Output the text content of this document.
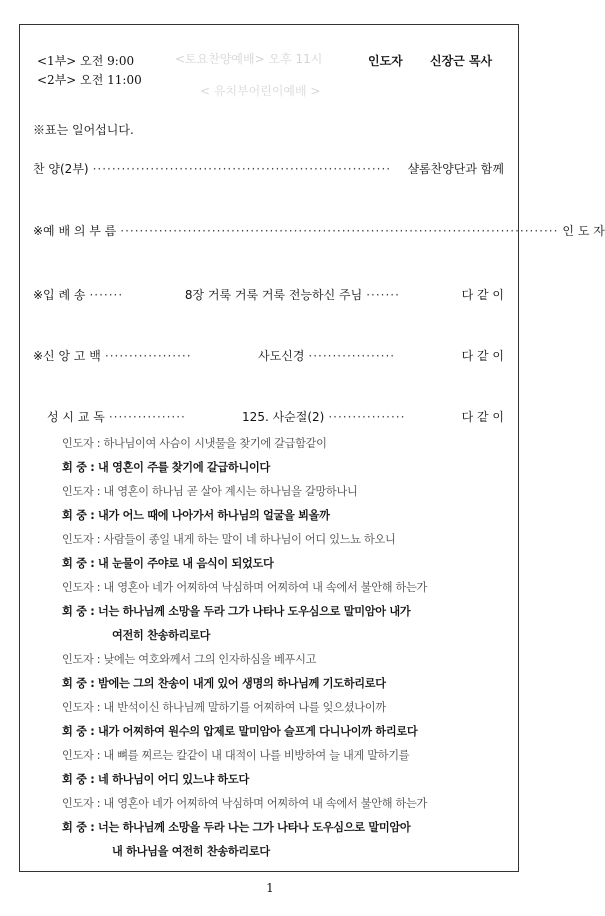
<토요찬양예배> 오후 11시
< 유치부어린이예배 >
<1부> 오전 9:00
<2부> 오전 11:00
인도자 신장근 목사
※표는 일어섭니다.
찬 양(2부) ······························································	샬롬찬양단과 함께
※예 배 의 부 름 ··························································································· 인 도 자
※입 례 송 ·······	8장 거룩 거룩 거룩 전능하신 주님 ·······	다 같 이
※신 앙 고 백 ··················	사도신경 ··················	다 같 이
성 시 교 독 ················	125. 사순절(2) ················	다 같 이
인도자 : 하나님이여 사슴이 시냇물을 찾기에 갈급함같이
회 중 : 내 영혼이 주를 찾기에 갈급하니이다
인도자 : 내 영혼이 하나님 곧 살아 계시는 하나님을 갈망하나니
회 중 : 내가 어느 때에 나아가서 하나님의 얼굴을 뵈올까
인도자 : 사람들이 종일 내게 하는 말이 네 하나님이 어디 있느뇨 하오니
회 중 : 내 눈물이 주야로 내 음식이 되었도다
인도자 : 내 영혼아 네가 어찌하여 낙심하며 어찌하여 내 속에서 불안해 하는가
회 중 : 너는 하나님께 소망을 두라 그가 나타나 도우심으로 말미암아 내가
여전히 찬송하리로다
인도자 : 낮에는 여호와께서 그의 인자하심을 베푸시고
회 중 : 밤에는 그의 찬송이 내게 있어 생명의 하나님께 기도하리로다
인도자 : 내 반석이신 하나님께 말하기를 어찌하여 나를 잊으셨나이까
회 중 : 내가 어찌하여 원수의 압제로 말미암아 슬프게 다니나이까 하리로다
인도자 : 내 뼈를 찌르는 칼같이 내 대적이 나를 비방하여 늘 내게 말하기를
회 중 : 네 하나님이 어디 있느냐 하도다
인도자 : 내 영혼아 네가 어찌하여 낙심하며 어찌하여 내 속에서 불안해 하는가
회 중 : 너는 하나님께 소망을 두라 나는 그가 나타나 도우심으로 말미암아
내 하나님을 여전히 찬송하리로다
1
